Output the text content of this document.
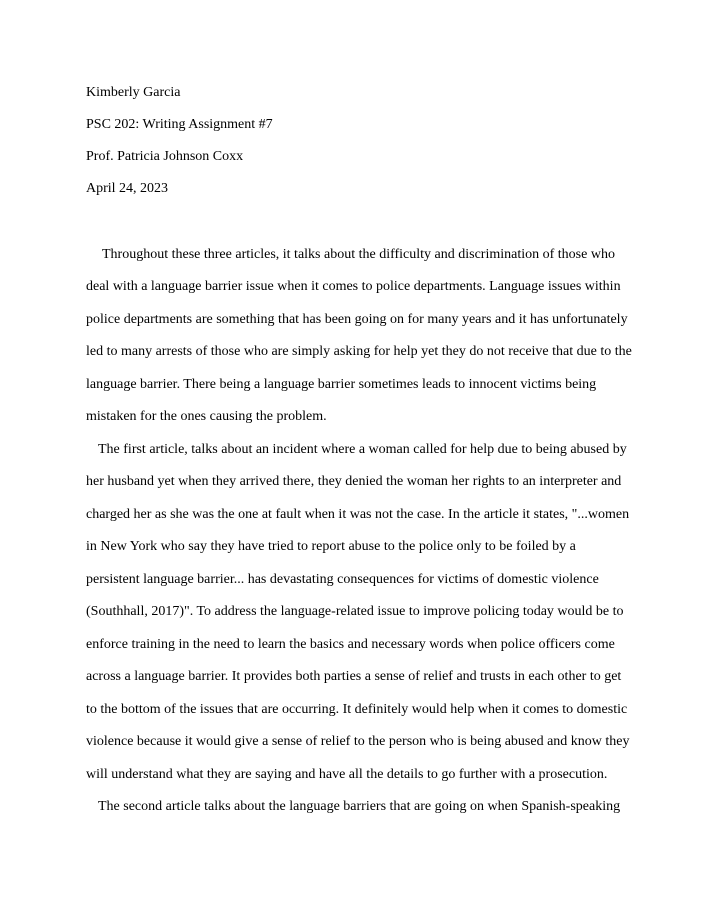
Kimberly Garcia
PSC 202: Writing Assignment #7
Prof. Patricia Johnson Coxx
April 24, 2023
Throughout these three articles, it talks about the difficulty and discrimination of those who
deal with a language barrier issue when it comes to police departments. Language issues within
police departments are something that has been going on for many years and it has unfortunately
led to many arrests of those who are simply asking for help yet they do not receive that due to the
language barrier. There being a language barrier sometimes leads to innocent victims being
mistaken for the ones causing the problem.
The first article, talks about an incident where a woman called for help due to being abused by
her husband yet when they arrived there, they denied the woman her rights to an interpreter and
charged her as she was the one at fault when it was not the case. In the article it states, "...women
in New York who say they have tried to report abuse to the police only to be foiled by a
persistent language barrier... has devastating consequences for victims of domestic violence
(Southhall, 2017)". To address the language-related issue to improve policing today would be to
enforce training in the need to learn the basics and necessary words when police officers come
across a language barrier. It provides both parties a sense of relief and trusts in each other to get
to the bottom of the issues that are occurring. It definitely would help when it comes to domestic
violence because it would give a sense of relief to the person who is being abused and know they
will understand what they are saying and have all the details to go further with a prosecution.
The second article talks about the language barriers that are going on when Spanish-speaking
